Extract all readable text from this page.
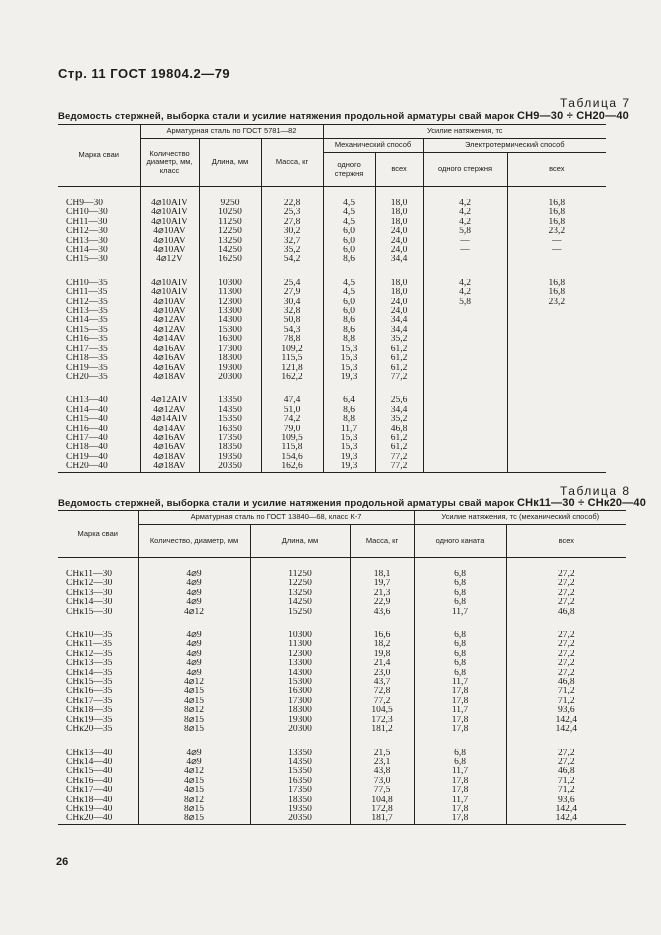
Стр. 11 ГОСТ 19804.2—79
Таблица 7
Ведомость стержней, выборка стали и усилие натяжения продольной арматуры свай марок СН9—30 ÷ СН20—40
Марка сваи	Арматурная сталь по ГОСТ 5781—82			Усилие натяжения, тс			
	Количество диаметр, мм, класс	Длина, мм	Масса, кг	Механический способ		Электротермический способ	
				одного стержня	всех	одного стержня	всех

СН9—30	4⌀10AIV	9250	22,8	4,5	18,0	4,2	16,8
СН10—30	4⌀10AIV	10250	25,3	4,5	18,0	4,2	16,8
СН11—30	4⌀10AIV	11250	27,8	4,5	18,0	4,2	16,8
СН12—30	4⌀10AV	12250	30,2	6,0	24,0	5,8	23,2
СН13—30	4⌀10AV	13250	32,7	6,0	24,0	—	—
СН14—30	4⌀10AV	14250	35,2	6,0	24,0	—	—
СН15—30	4⌀12V	16250	54,2	8,6	34,4		

СН10—35	4⌀10AIV	10300	25,4	4,5	18,0	4,2	16,8
СН11—35	4⌀10AIV	11300	27,9	4,5	18,0	4,2	16,8
СН12—35	4⌀10AV	12300	30,4	6,0	24,0	5,8	23,2
СН13—35	4⌀10AV	13300	32,8	6,0	24,0		
СН14—35	4⌀12AV	14300	50,8	8,6	34,4		
СН15—35	4⌀12AV	15300	54,3	8,6	34,4		
СН16—35	4⌀14AV	16300	78,8	8,8	35,2		
СН17—35	4⌀16AV	17300	109,2	15,3	61,2		
СН18—35	4⌀16AV	18300	115,5	15,3	61,2		
СН19—35	4⌀16AV	19300	121,8	15,3	61,2		
СН20—35	4⌀18AV	20300	162,2	19,3	77,2		

СН13—40	4⌀12AIV	13350	47,4	6,4	25,6		
СН14—40	4⌀12AV	14350	51,0	8,6	34,4		
СН15—40	4⌀14AIV	15350	74,2	8,8	35,2		
СН16—40	4⌀14AV	16350	79,0	11,7	46,8		
СН17—40	4⌀16AV	17350	109,5	15,3	61,2		
СН18—40	4⌀16AV	18350	115,8	15,3	61,2		
СН19—40	4⌀18AV	19350	154,6	19,3	77,2		
СН20—40	4⌀18AV	20350	162,6	19,3	77,2		
Таблица 8
Ведомость стержней, выборка стали и усилие натяжения продольной арматуры свай марок СНк11—30 ÷ СНк20—40
Марка сваи	Арматурная сталь по ГОСТ 13840—68, класс К-7			Усилие натяжения, тс (механический способ)	
	Количество, диаметр, мм	Длина, мм	Масса, кг	одного каната	всех

СНк11—30	4⌀9	11250	18,1	6,8	27,2
СНк12—30	4⌀9	12250	19,7	6,8	27,2
СНк13—30	4⌀9	13250	21,3	6,8	27,2
СНк14—30	4⌀9	14250	22,9	6,8	27,2
СНк15—30	4⌀12	15250	43,6	11,7	46,8

СНк10—35	4⌀9	10300	16,6	6,8	27,2
СНк11—35	4⌀9	11300	18,2	6,8	27,2
СНк12—35	4⌀9	12300	19,8	6,8	27,2
СНк13—35	4⌀9	13300	21,4	6,8	27,2
СНк14—35	4⌀9	14300	23,0	6,8	27,2
СНк15—35	4⌀12	15300	43,7	11,7	46,8
СНк16—35	4⌀15	16300	72,8	17,8	71,2
СНк17—35	4⌀15	17300	77,2	17,8	71,2
СНк18—35	8⌀12	18300	104,5	11,7	93,6
СНк19—35	8⌀15	19300	172,3	17,8	142,4
СНк20—35	8⌀15	20300	181,2	17,8	142,4

СНк13—40	4⌀9	13350	21,5	6,8	27,2
СНк14—40	4⌀9	14350	23,1	6,8	27,2
СНк15—40	4⌀12	15350	43,8	11,7	46,8
СНк16—40	4⌀15	16350	73,0	17,8	71,2
СНк17—40	4⌀15	17350	77,5	17,8	71,2
СНк18—40	8⌀12	18350	104,8	11,7	93,6
СНк19—40	8⌀15	19350	172,8	17,8	142,4
СНк20—40	8⌀15	20350	181,7	17,8	142,4
26
